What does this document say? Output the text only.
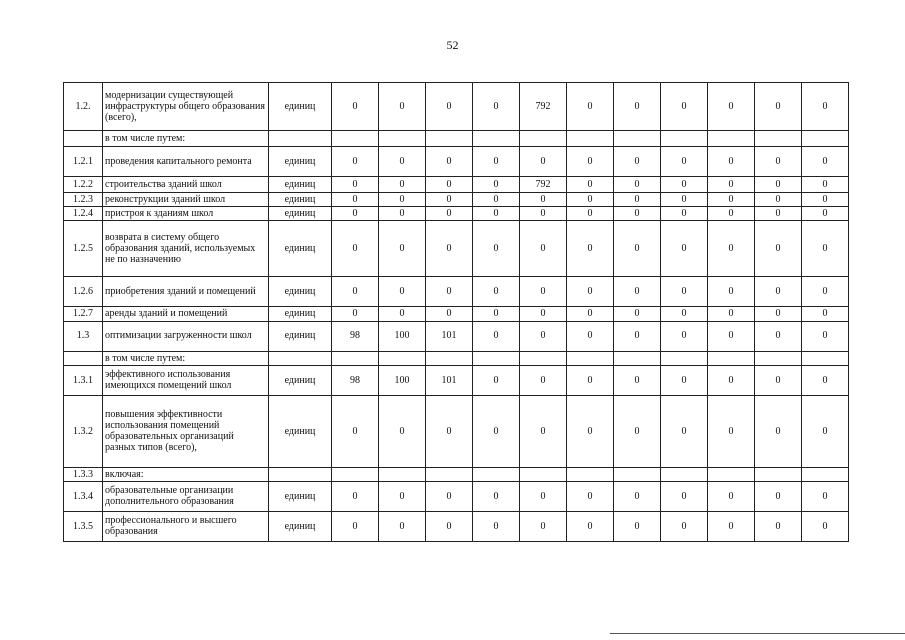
52
1.2.	модернизации существующей инфраструктуры общего образования (всего),	единиц	0	0	0	0	792	0	0	0	0	0	0
	в том числе путем:												
1.2.1	проведения капитального ремонта	единиц	0	0	0	0	0	0	0	0	0	0	0
1.2.2	строительства зданий школ	единиц	0	0	0	0	792	0	0	0	0	0	0
1.2.3	реконструкции зданий школ	единиц	0	0	0	0	0	0	0	0	0	0	0
1.2.4	пристроя к зданиям школ	единиц	0	0	0	0	0	0	0	0	0	0	0
1.2.5	возврата в систему общего образования зданий, используемых не по назначению	единиц	0	0	0	0	0	0	0	0	0	0	0
1.2.6	приобретения зданий и помещений	единиц	0	0	0	0	0	0	0	0	0	0	0
1.2.7	аренды зданий и помещений	единиц	0	0	0	0	0	0	0	0	0	0	0
1.3	оптимизации загруженности школ	единиц	98	100	101	0	0	0	0	0	0	0	0
	в том числе путем:												
1.3.1	эффективного использования имеющихся помещений школ	единиц	98	100	101	0	0	0	0	0	0	0	0
1.3.2	повышения эффективности использования помещений образовательных организаций разных типов (всего),	единиц	0	0	0	0	0	0	0	0	0	0	0
1.3.3	включая:												
1.3.4	образовательные организации дополнительного образования	единиц	0	0	0	0	0	0	0	0	0	0	0
1.3.5	профессионального и высшего образования	единиц	0	0	0	0	0	0	0	0	0	0	0
